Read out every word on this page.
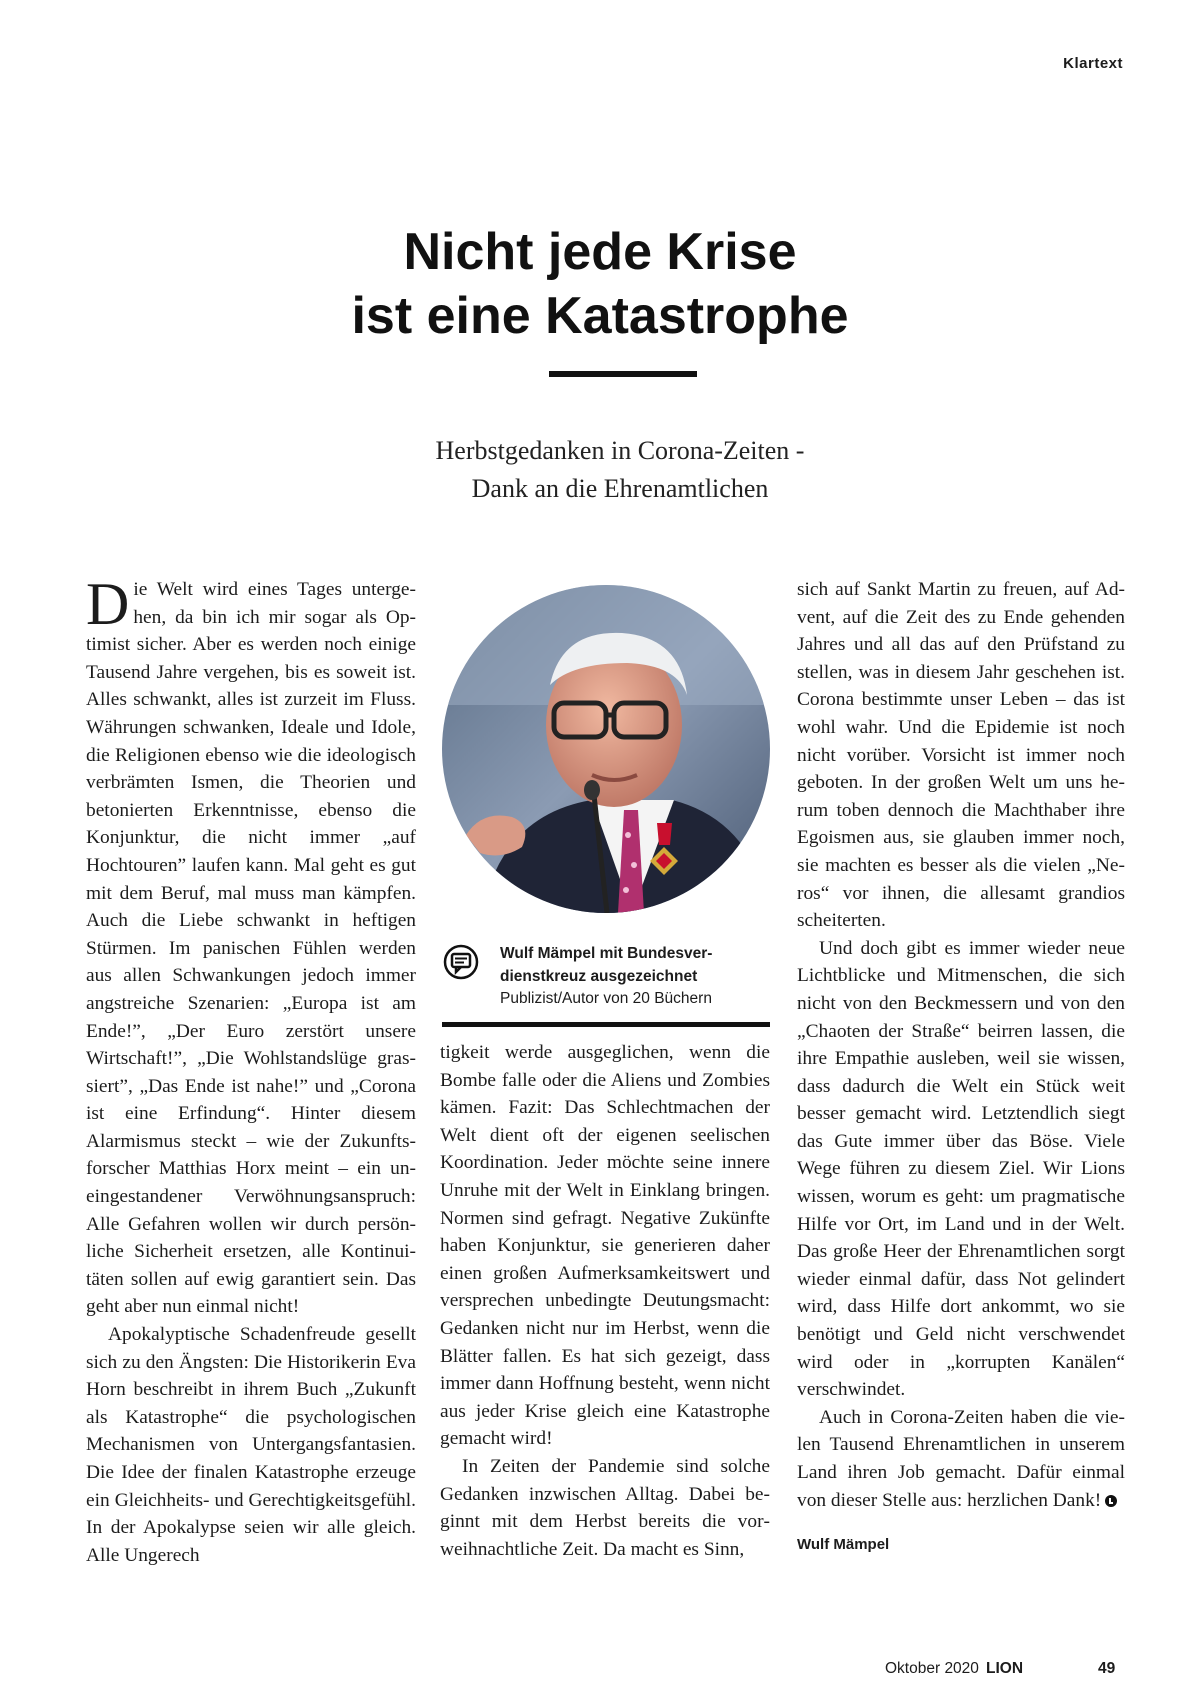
Klartext
Nicht jede Krise
ist eine Katastrophe
Herbstgedanken in Corona-Zeiten -
Dank an die Ehrenamtlichen

Die Welt wird eines Tages untergehen, da bin ich mir sogar als Optimist sicher. Aber es werden noch einige Tausend Jahre vergehen, bis es soweit ist. Alles schwankt, alles ist zurzeit im Fluss. Währungen schwanken, Ideale und Idole, die Religionen ebenso wie die ideologisch verbrämten Ismen, die Theorien und betonierten Erkenntnisse, ebenso die Konjunktur, die nicht immer „auf Hochtouren” laufen kann. Mal geht es gut mit dem Beruf, mal muss man kämpfen. Auch die Liebe schwankt in heftigen Stürmen. Im panischen Fühlen werden aus allen Schwankungen jedoch immer angstreiche Szenarien: „Europa ist am Ende!”, „Der Euro zerstört unsere Wirtschaft!”, „Die Wohlstandslüge grassiert”, „Das Ende ist nahe!” und „Corona ist eine Erfindung“. Hinter diesem Alarmismus steckt – wie der Zukunftsforscher Matthias Horx meint – ein uneingestandener Verwöhnungsanspruch: Alle Gefahren wollen wir durch persönliche Sicherheit ersetzen, alle Kontinuitäten sollen auf ewig garantiert sein. Das geht aber nun einmal nicht!

Apokalyptische Schadenfreude gesellt sich zu den Ängsten: Die Historikerin Eva Horn beschreibt in ihrem Buch „Zukunft als Katastrophe“ die psychologischen Mechanismen von Untergangsfantasien. Die Idee der finalen Katastrophe erzeuge ein Gleichheits- und Gerechtigkeitsgefühl. In der Apokalypse seien wir alle gleich. Alle Ungerech

Wulf Mämpel mit Bundesverdienstkreuz ausgezeichnet
Publizist/Autor von 20 Büchern

tigkeit werde ausgeglichen, wenn die Bombe falle oder die Aliens und Zombies kämen. Fazit: Das Schlechtmachen der Welt dient oft der eigenen seelischen Koordination. Jeder möchte seine innere Unruhe mit der Welt in Einklang bringen. Normen sind gefragt. Negative Zukünfte haben Konjunktur, sie generieren daher einen großen Aufmerksamkeitswert und versprechen unbedingte Deutungsmacht: Gedanken nicht nur im Herbst, wenn die Blätter fallen. Es hat sich gezeigt, dass immer dann Hoffnung besteht, wenn nicht aus jeder Krise gleich eine Katastrophe gemacht wird!

In Zeiten der Pandemie sind solche Gedanken inzwischen Alltag. Dabei beginnt mit dem Herbst bereits die vorweihnachtliche Zeit. Da macht es Sinn,

sich auf Sankt Martin zu freuen, auf Advent, auf die Zeit des zu Ende gehenden Jahres und all das auf den Prüfstand zu stellen, was in diesem Jahr geschehen ist. Corona bestimmte unser Leben – das ist wohl wahr. Und die Epidemie ist noch nicht vorüber. Vorsicht ist immer noch geboten. In der großen Welt um uns herum toben dennoch die Machthaber ihre Egoismen aus, sie glauben immer noch, sie machten es besser als die vielen „Neros“ vor ihnen, die allesamt grandios scheiterten.

Und doch gibt es immer wieder neue Lichtblicke und Mitmenschen, die sich nicht von den Beckmessern und von den „Chaoten der Straße“ beirren lassen, die ihre Empathie ausleben, weil sie wissen, dass dadurch die Welt ein Stück weit besser gemacht wird. Letztendlich siegt das Gute immer über das Böse. Viele Wege führen zu diesem Ziel. Wir Lions wissen, worum es geht: um pragmatische Hilfe vor Ort, im Land und in der Welt. Das große Heer der Ehrenamtlichen sorgt wieder einmal dafür, dass Not gelindert wird, dass Hilfe dort ankommt, wo sie benötigt und Geld nicht verschwendet wird oder in „korrupten Kanälen“ verschwindet.

Auch in Corona-Zeiten haben die vielen Tausend Ehrenamtlichen in unserem Land ihren Job gemacht. Dafür einmal von dieser Stelle aus: herzlichen Dank!

Wulf Mämpel
Oktober 2020 LION	49
